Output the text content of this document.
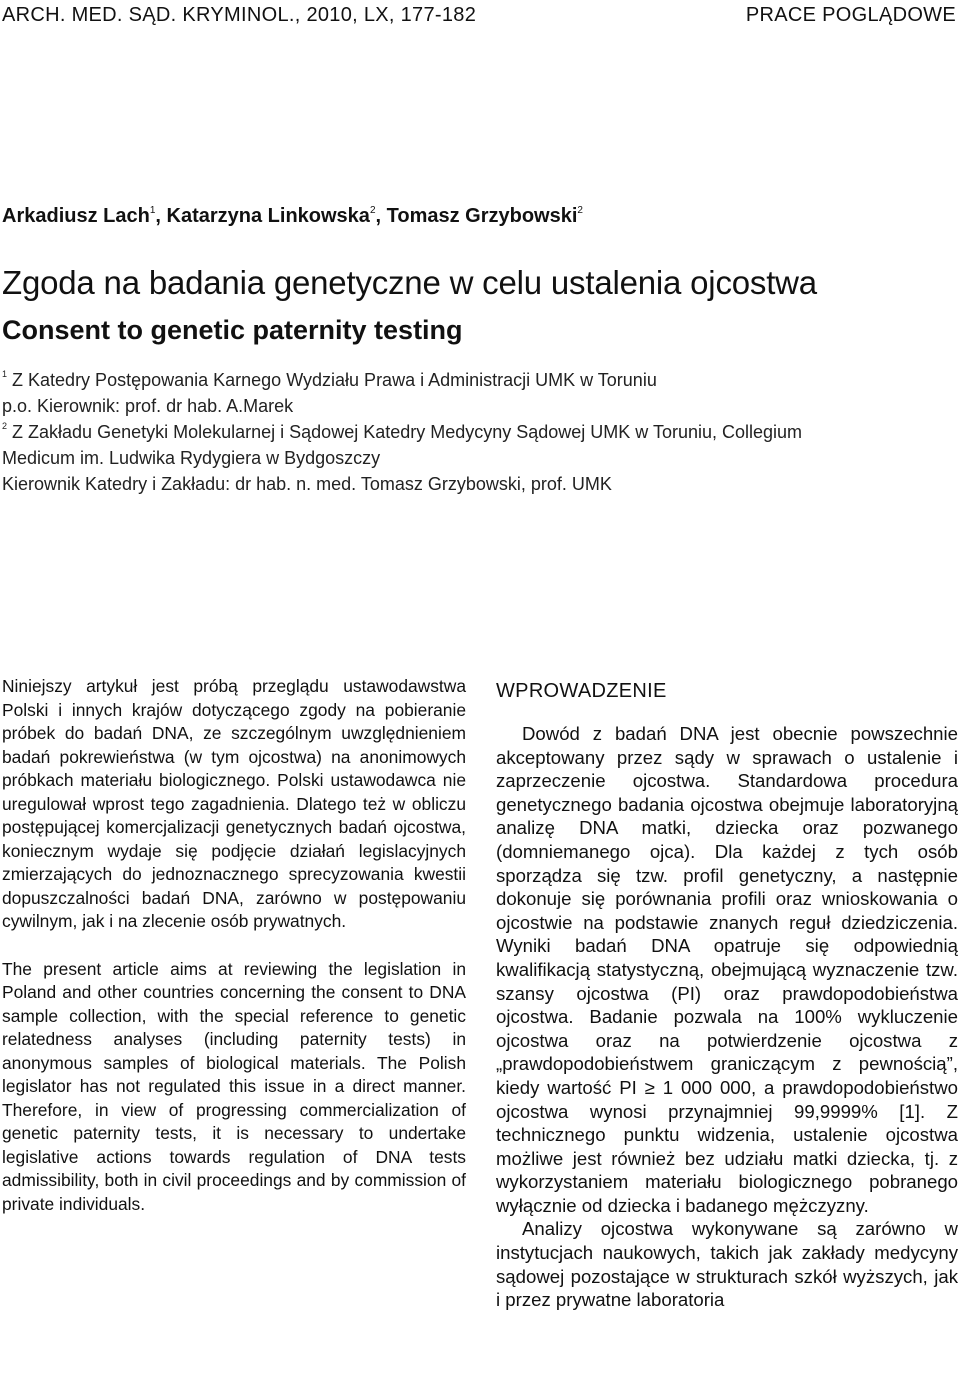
ARCH. MED. SĄD. KRYMINOL., 2010, LX, 177-182	PRACE POGLĄDOWE
Arkadiusz Lach$^1$, Katarzyna Linkowska$^2$, Tomasz Grzybowski$^2$
Zgoda na badania genetyczne w celu ustalenia ojcostwa
Consent to genetic paternity testing
$^1$ Z Katedry Postępowania Karnego Wydziału Prawa i Administracji UMK w Toruniu
p.o. Kierownik: prof. dr hab. A.Marek
$^2$ Z Zakładu Genetyki Molekularnej i Sądowej Katedry Medycyny Sądowej UMK w Toruniu, Collegium
Medicum im. Ludwika Rydygiera w Bydgoszczy
Kierownik Katedry i Zakładu: dr hab. n. med. Tomasz Grzybowski, prof. UMK

Niniejszy artykuł jest próbą przeglądu ustawodawstwa Polski i innych krajów dotyczącego zgody na pobieranie próbek do badań DNA, ze szczególnym uwzględnieniem badań pokrewieństwa (w tym ojcostwa) na anonimowych próbkach materiału biologicznego. Polski ustawodawca nie uregulował wprost tego zagadnienia. Dlatego też w obliczu postępującej komercjalizacji genetycznych badań ojcostwa, koniecznym wydaje się podjęcie działań legislacyjnych zmierzających do jednoznacznego sprecyzowania kwestii dopuszczalności badań DNA, zarówno w postępowaniu cywilnym, jak i na zlecenie osób prywatnych.

The present article aims at reviewing the legislation in Poland and other countries concerning the consent to DNA sample collection, with the special reference to genetic relatedness analyses (including paternity tests) in anonymous samples of biological materials. The Polish legislator has not regulated this issue in a direct manner. Therefore, in view of progressing commercialization of genetic paternity tests, it is necessary to undertake legislative actions towards regulation of DNA tests admissibility, both in civil proceedings and by commission of private individuals.

WPROWADZENIE

Dowód z badań DNA jest obecnie powszechnie akceptowany przez sądy w sprawach o ustalenie i zaprzeczenie ojcostwa. Standardowa procedura genetycznego badania ojcostwa obejmuje laboratoryjną analizę DNA matki, dziecka oraz pozwanego (domniemanego ojca). Dla każdej z tych osób sporządza się tzw. profil genetyczny, a następnie dokonuje się porównania profili oraz wnioskowania o ojcostwie na podstawie znanych reguł dziedziczenia. Wyniki badań DNA opatruje się odpowiednią kwalifikacją statystyczną, obejmującą wyznaczenie tzw. szansy ojcostwa (PI) oraz prawdopodobieństwa ojcostwa. Badanie pozwala na 100% wykluczenie ojcostwa oraz na potwierdzenie ojcostwa z „prawdopodobieństwem graniczącym z pewnością”, kiedy wartość PI ≥ 1 000 000, a prawdopodobieństwo ojcostwa wynosi przynajmniej 99,9999% [1]. Z technicznego punktu widzenia, ustalenie ojcostwa możliwe jest również bez udziału matki dziecka, tj. z wykorzystaniem materiału biologicznego pobranego wyłącznie od dziecka i badanego mężczyzny.

Analizy ojcostwa wykonywane są zarówno w instytucjach naukowych, takich jak zakłady medycyny sądowej pozostające w strukturach szkół wyższych, jak i przez prywatne laboratoria
